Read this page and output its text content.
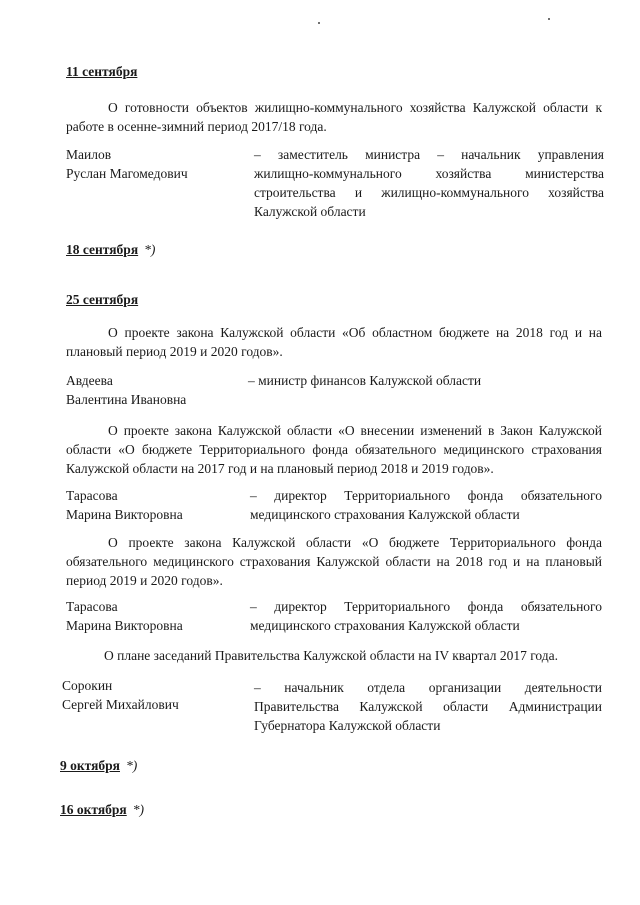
11 сентября
О готовности объектов жилищно-коммунального хозяйства Калужской области к работе в осенне-зимний период 2017/18 года.
Маилов
Руслан Магомедович
– заместитель министра – начальник управления
жилищно-коммунального хозяйства министерства строительства и жилищно-коммунального хозяйства Калужской области
18 сентября *)
25 сентября
О проекте закона Калужской области «Об областном бюджете на 2018 год и на плановый период 2019 и 2020 годов».
Авдеева
Валентина Ивановна
– министр финансов Калужской области
О проекте закона Калужской области «О внесении изменений в Закон Калужской области «О бюджете Территориального фонда обязательного медицинского страхования Калужской области на 2017 год и на плановый период 2018 и 2019 годов».
Тарасова
Марина Викторовна
– директор Территориального фонда обязательного
медицинского страхования Калужской области
О проекте закона Калужской области «О бюджете Территориального фонда обязательного медицинского страхования Калужской области на 2018 год и на плановый период 2019 и 2020 годов».
Тарасова
Марина Викторовна
– директор Территориального фонда обязательного
медицинского страхования Калужской области
О плане заседаний Правительства Калужской области на IV квартал 2017 года.
Сорокин
Сергей Михайлович
– начальник отдела организации деятельности
Правительства Калужской области Администрации Губернатора Калужской области
9 октября *)
16 октября *)
